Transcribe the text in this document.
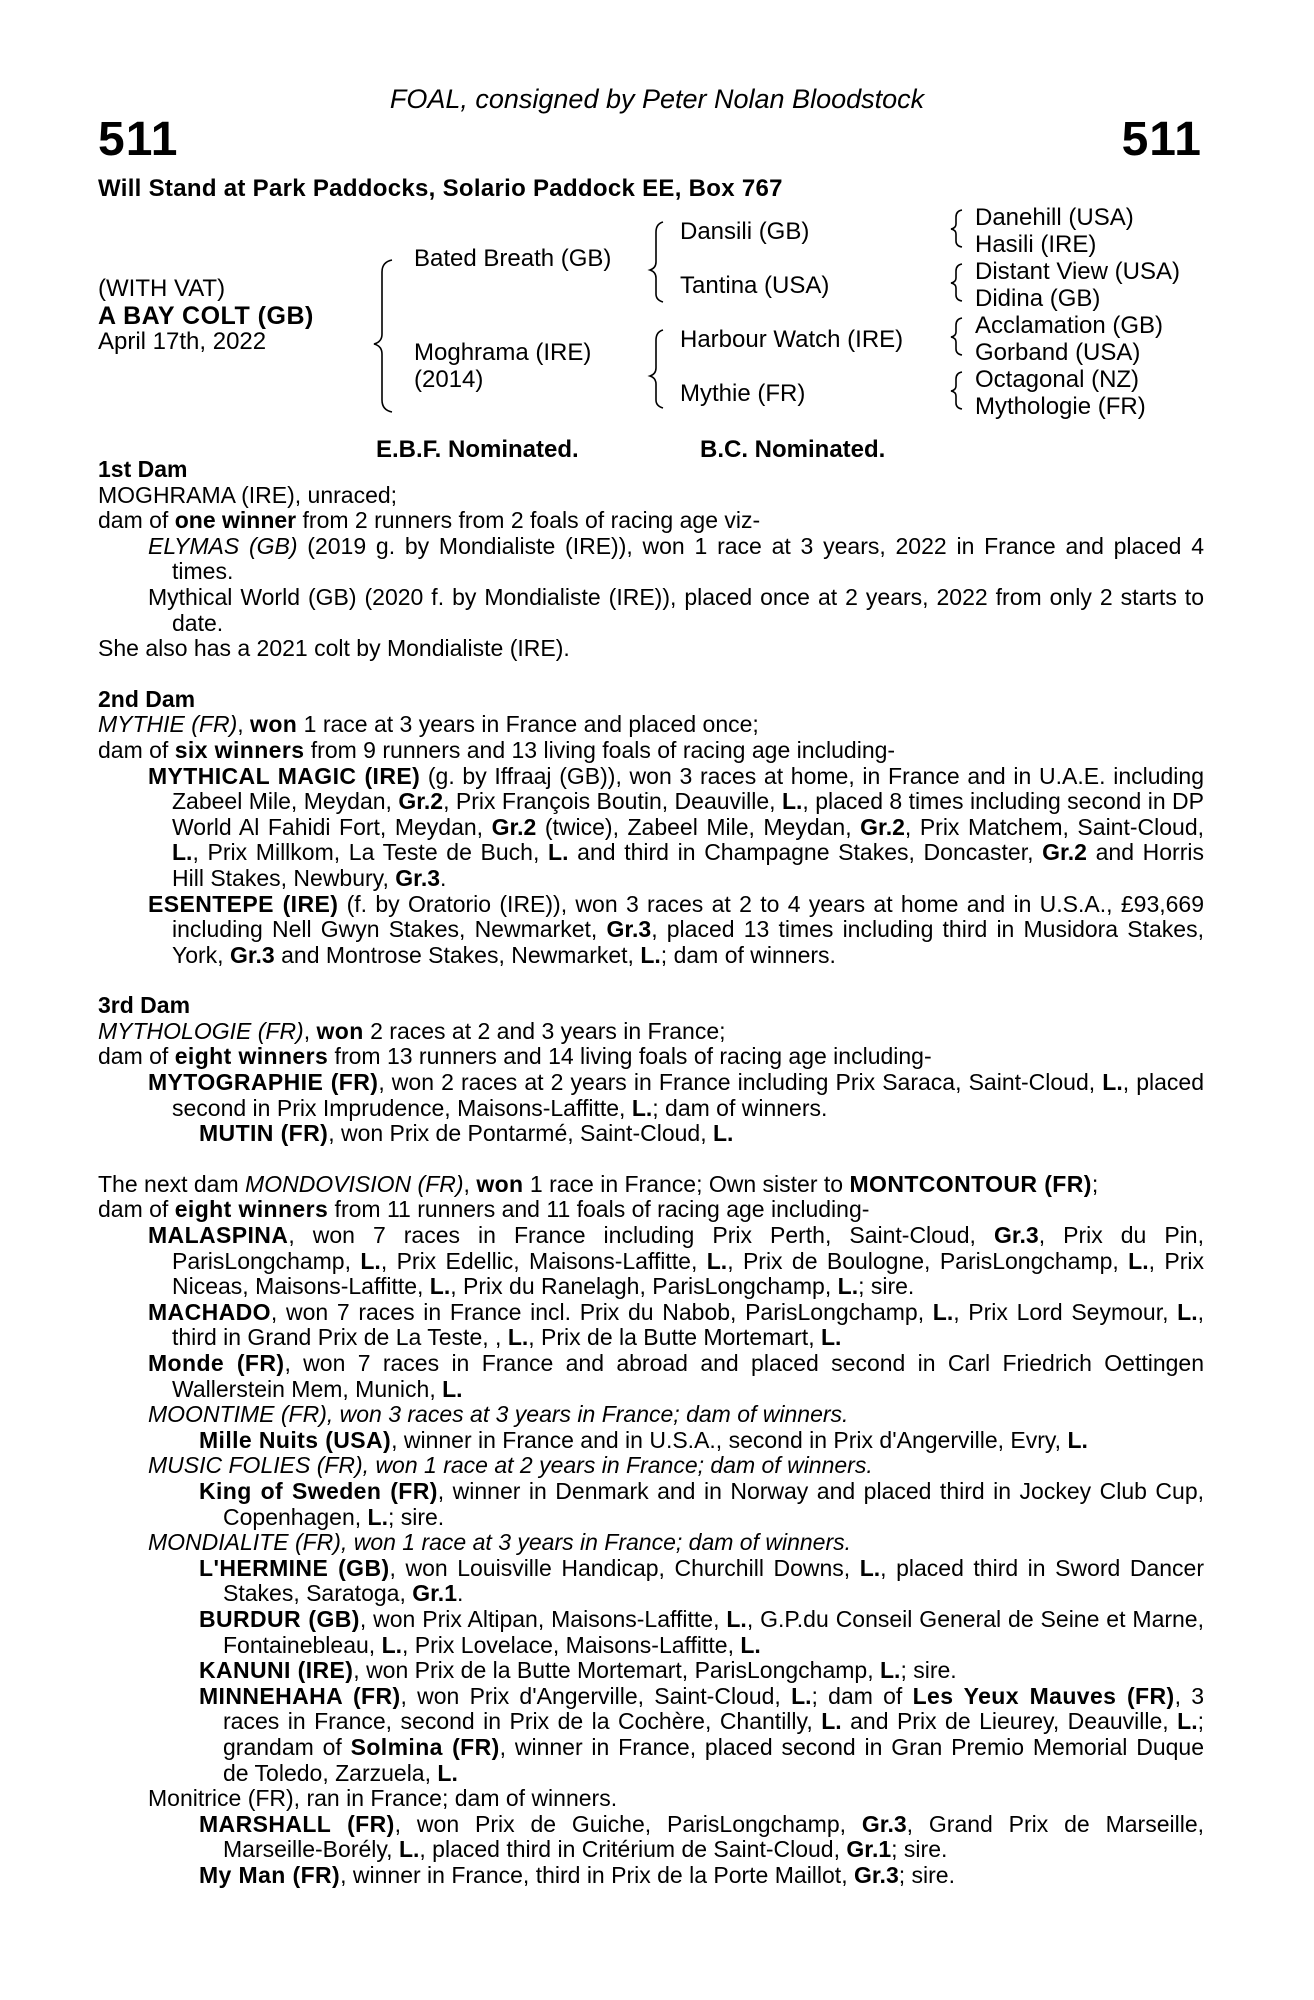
511
FOAL, consigned by Peter Nolan Bloodstock
511
Will Stand at Park Paddocks, Solario Paddock EE, Box 767
(WITH VAT)
A BAY COLT (GB)
April 17th, 2022
Bated Breath (GB)
Moghrama (IRE)
(2014)
Dansili (GB)
Tantina (USA)
Harbour Watch (IRE)
Mythie (FR)
Danehill (USA)
Hasili (IRE)
Distant View (USA)
Didina (GB)
Acclamation (GB)
Gorband (USA)
Octagonal (NZ)
Mythologie (FR)
E.B.F. Nominated.	B.C. Nominated.

1st Dam

MOGHRAMA (IRE), unraced;

dam of one winner from 2 runners from 2 foals of racing age viz-

ELYMAS (GB) (2019 g. by Mondialiste (IRE)), won 1 race at 3 years, 2022 in France and placed 4 times.

Mythical World (GB) (2020 f. by Mondialiste (IRE)), placed once at 2 years, 2022 from only 2 starts to date.

She also has a 2021 colt by Mondialiste (IRE).

2nd Dam

MYTHIE (FR), won 1 race at 3 years in France and placed once;

dam of six winners from 9 runners and 13 living foals of racing age including-

MYTHICAL MAGIC (IRE) (g. by Iffraaj (GB)), won 3 races at home, in France and in U.A.E. including Zabeel Mile, Meydan, Gr.2, Prix François Boutin, Deauville, L., placed 8 times including second in DP World Al Fahidi Fort, Meydan, Gr.2 (twice), Zabeel Mile, Meydan, Gr.2, Prix Matchem, Saint-Cloud, L., Prix Millkom, La Teste de Buch, L. and third in Champagne Stakes, Doncaster, Gr.2 and Horris Hill Stakes, Newbury, Gr.3.

ESENTEPE (IRE) (f. by Oratorio (IRE)), won 3 races at 2 to 4 years at home and in U.S.A., £93,669 including Nell Gwyn Stakes, Newmarket, Gr.3, placed 13 times including third in Musidora Stakes, York, Gr.3 and Montrose Stakes, Newmarket, L.; dam of winners.

3rd Dam

MYTHOLOGIE (FR), won 2 races at 2 and 3 years in France;

dam of eight winners from 13 runners and 14 living foals of racing age including-

MYTOGRAPHIE (FR), won 2 races at 2 years in France including Prix Saraca, Saint-Cloud, L., placed second in Prix Imprudence, Maisons-Laffitte, L.; dam of winners.

MUTIN (FR), won Prix de Pontarmé, Saint-Cloud, L.

The next dam MONDOVISION (FR), won 1 race in France; Own sister to MONTCONTOUR (FR);

dam of eight winners from 11 runners and 11 foals of racing age including-

MALASPINA, won 7 races in France including Prix Perth, Saint-Cloud, Gr.3, Prix du Pin, ParisLongchamp, L., Prix Edellic, Maisons-Laffitte, L., Prix de Boulogne, ParisLongchamp, L., Prix Niceas, Maisons-Laffitte, L., Prix du Ranelagh, ParisLongchamp, L.; sire.

MACHADO, won 7 races in France incl. Prix du Nabob, ParisLongchamp, L., Prix Lord Seymour, L., third in Grand Prix de La Teste, , L., Prix de la Butte Mortemart, L.

Monde (FR), won 7 races in France and abroad and placed second in Carl Friedrich Oettingen Wallerstein Mem, Munich, L.

MOONTIME (FR), won 3 races at 3 years in France; dam of winners.

Mille Nuits (USA), winner in France and in U.S.A., second in Prix d'Angerville, Evry, L.

MUSIC FOLIES (FR), won 1 race at 2 years in France; dam of winners.

King of Sweden (FR), winner in Denmark and in Norway and placed third in Jockey Club Cup, Copenhagen, L.; sire.

MONDIALITE (FR), won 1 race at 3 years in France; dam of winners.

L'HERMINE (GB), won Louisville Handicap, Churchill Downs, L., placed third in Sword Dancer Stakes, Saratoga, Gr.1.

BURDUR (GB), won Prix Altipan, Maisons-Laffitte, L., G.P.du Conseil General de Seine et Marne, Fontainebleau, L., Prix Lovelace, Maisons-Laffitte, L.

KANUNI (IRE), won Prix de la Butte Mortemart, ParisLongchamp, L.; sire.

MINNEHAHA (FR), won Prix d'Angerville, Saint-Cloud, L.; dam of Les Yeux Mauves (FR), 3 races in France, second in Prix de la Cochère, Chantilly, L. and Prix de Lieurey, Deauville, L.; grandam of Solmina (FR), winner in France, placed second in Gran Premio Memorial Duque de Toledo, Zarzuela, L.

Monitrice (FR), ran in France; dam of winners.

MARSHALL (FR), won Prix de Guiche, ParisLongchamp, Gr.3, Grand Prix de Marseille, Marseille-Borély, L., placed third in Critérium de Saint-Cloud, Gr.1; sire.

My Man (FR), winner in France, third in Prix de la Porte Maillot, Gr.3; sire.
